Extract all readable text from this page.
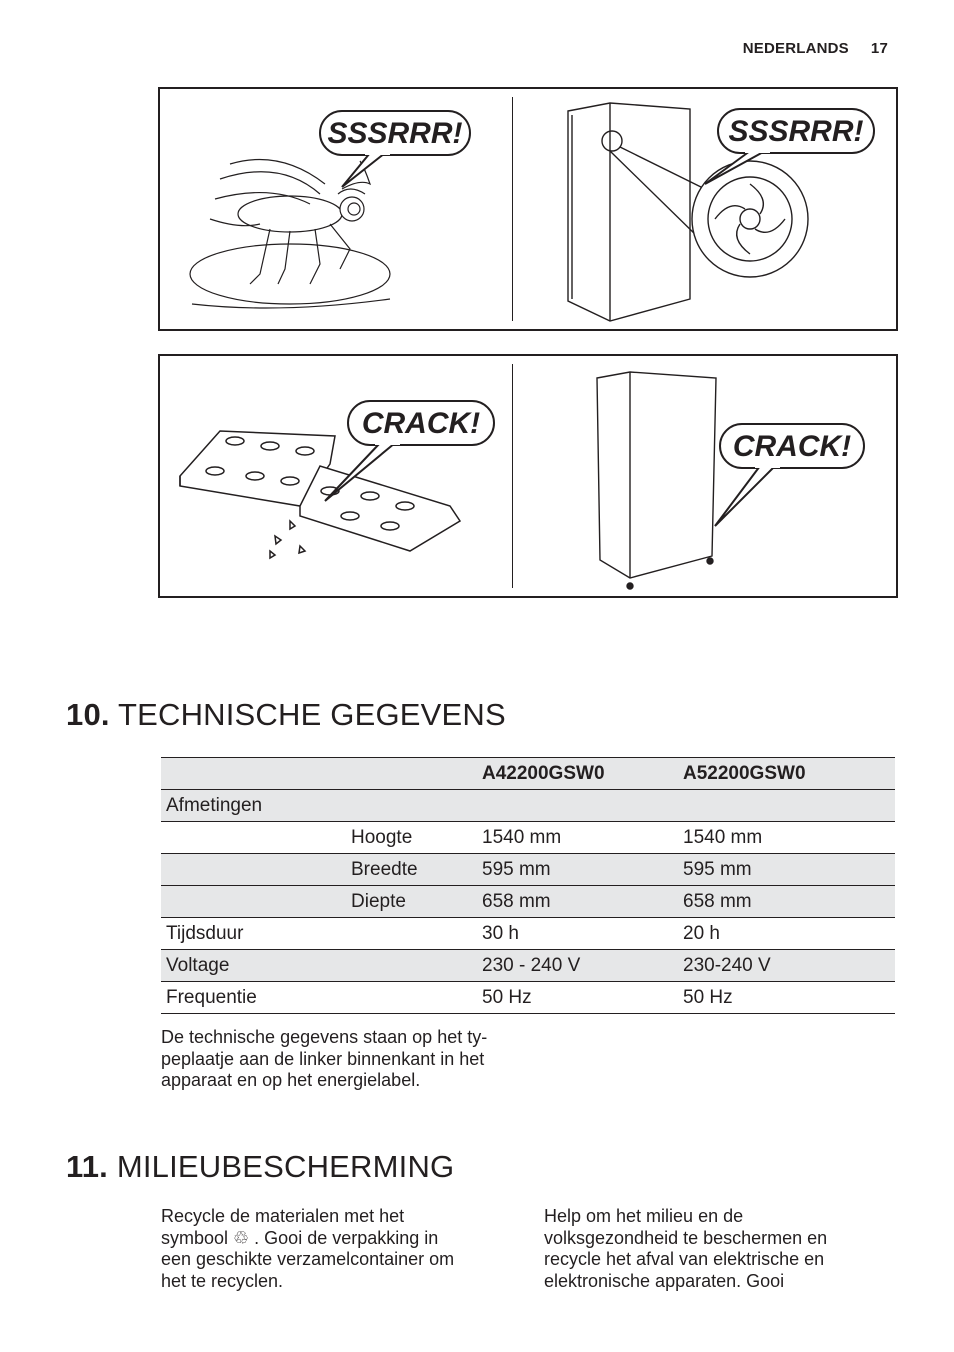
NEDERLANDS 17
SSSRRR!	SSSRRR!
CRACK!
CRACK!
10. TECHNISCHE GEGEVENS
		A42200GSW0	A52200GSW0
Afmetingen			
	Hoogte	1540 mm	1540 mm
	Breedte	595 mm	595 mm
	Diepte	658 mm	658 mm
Tijdsduur		30 h	20 h
Voltage		230 - 240 V	230-240 V
Frequentie		50 Hz	50 Hz
De technische gegevens staan op het ty-
peplaatje aan de linker binnenkant in het
apparaat en op het energielabel.
11. MILIEUBESCHERMING
Recycle de materialen met het
symbool ♲ . Gooi de verpakking in
een geschikte verzamelcontainer om
het te recyclen.
Help om het milieu en de
volksgezondheid te beschermen en
recycle het afval van elektrische en
elektronische apparaten. Gooi
